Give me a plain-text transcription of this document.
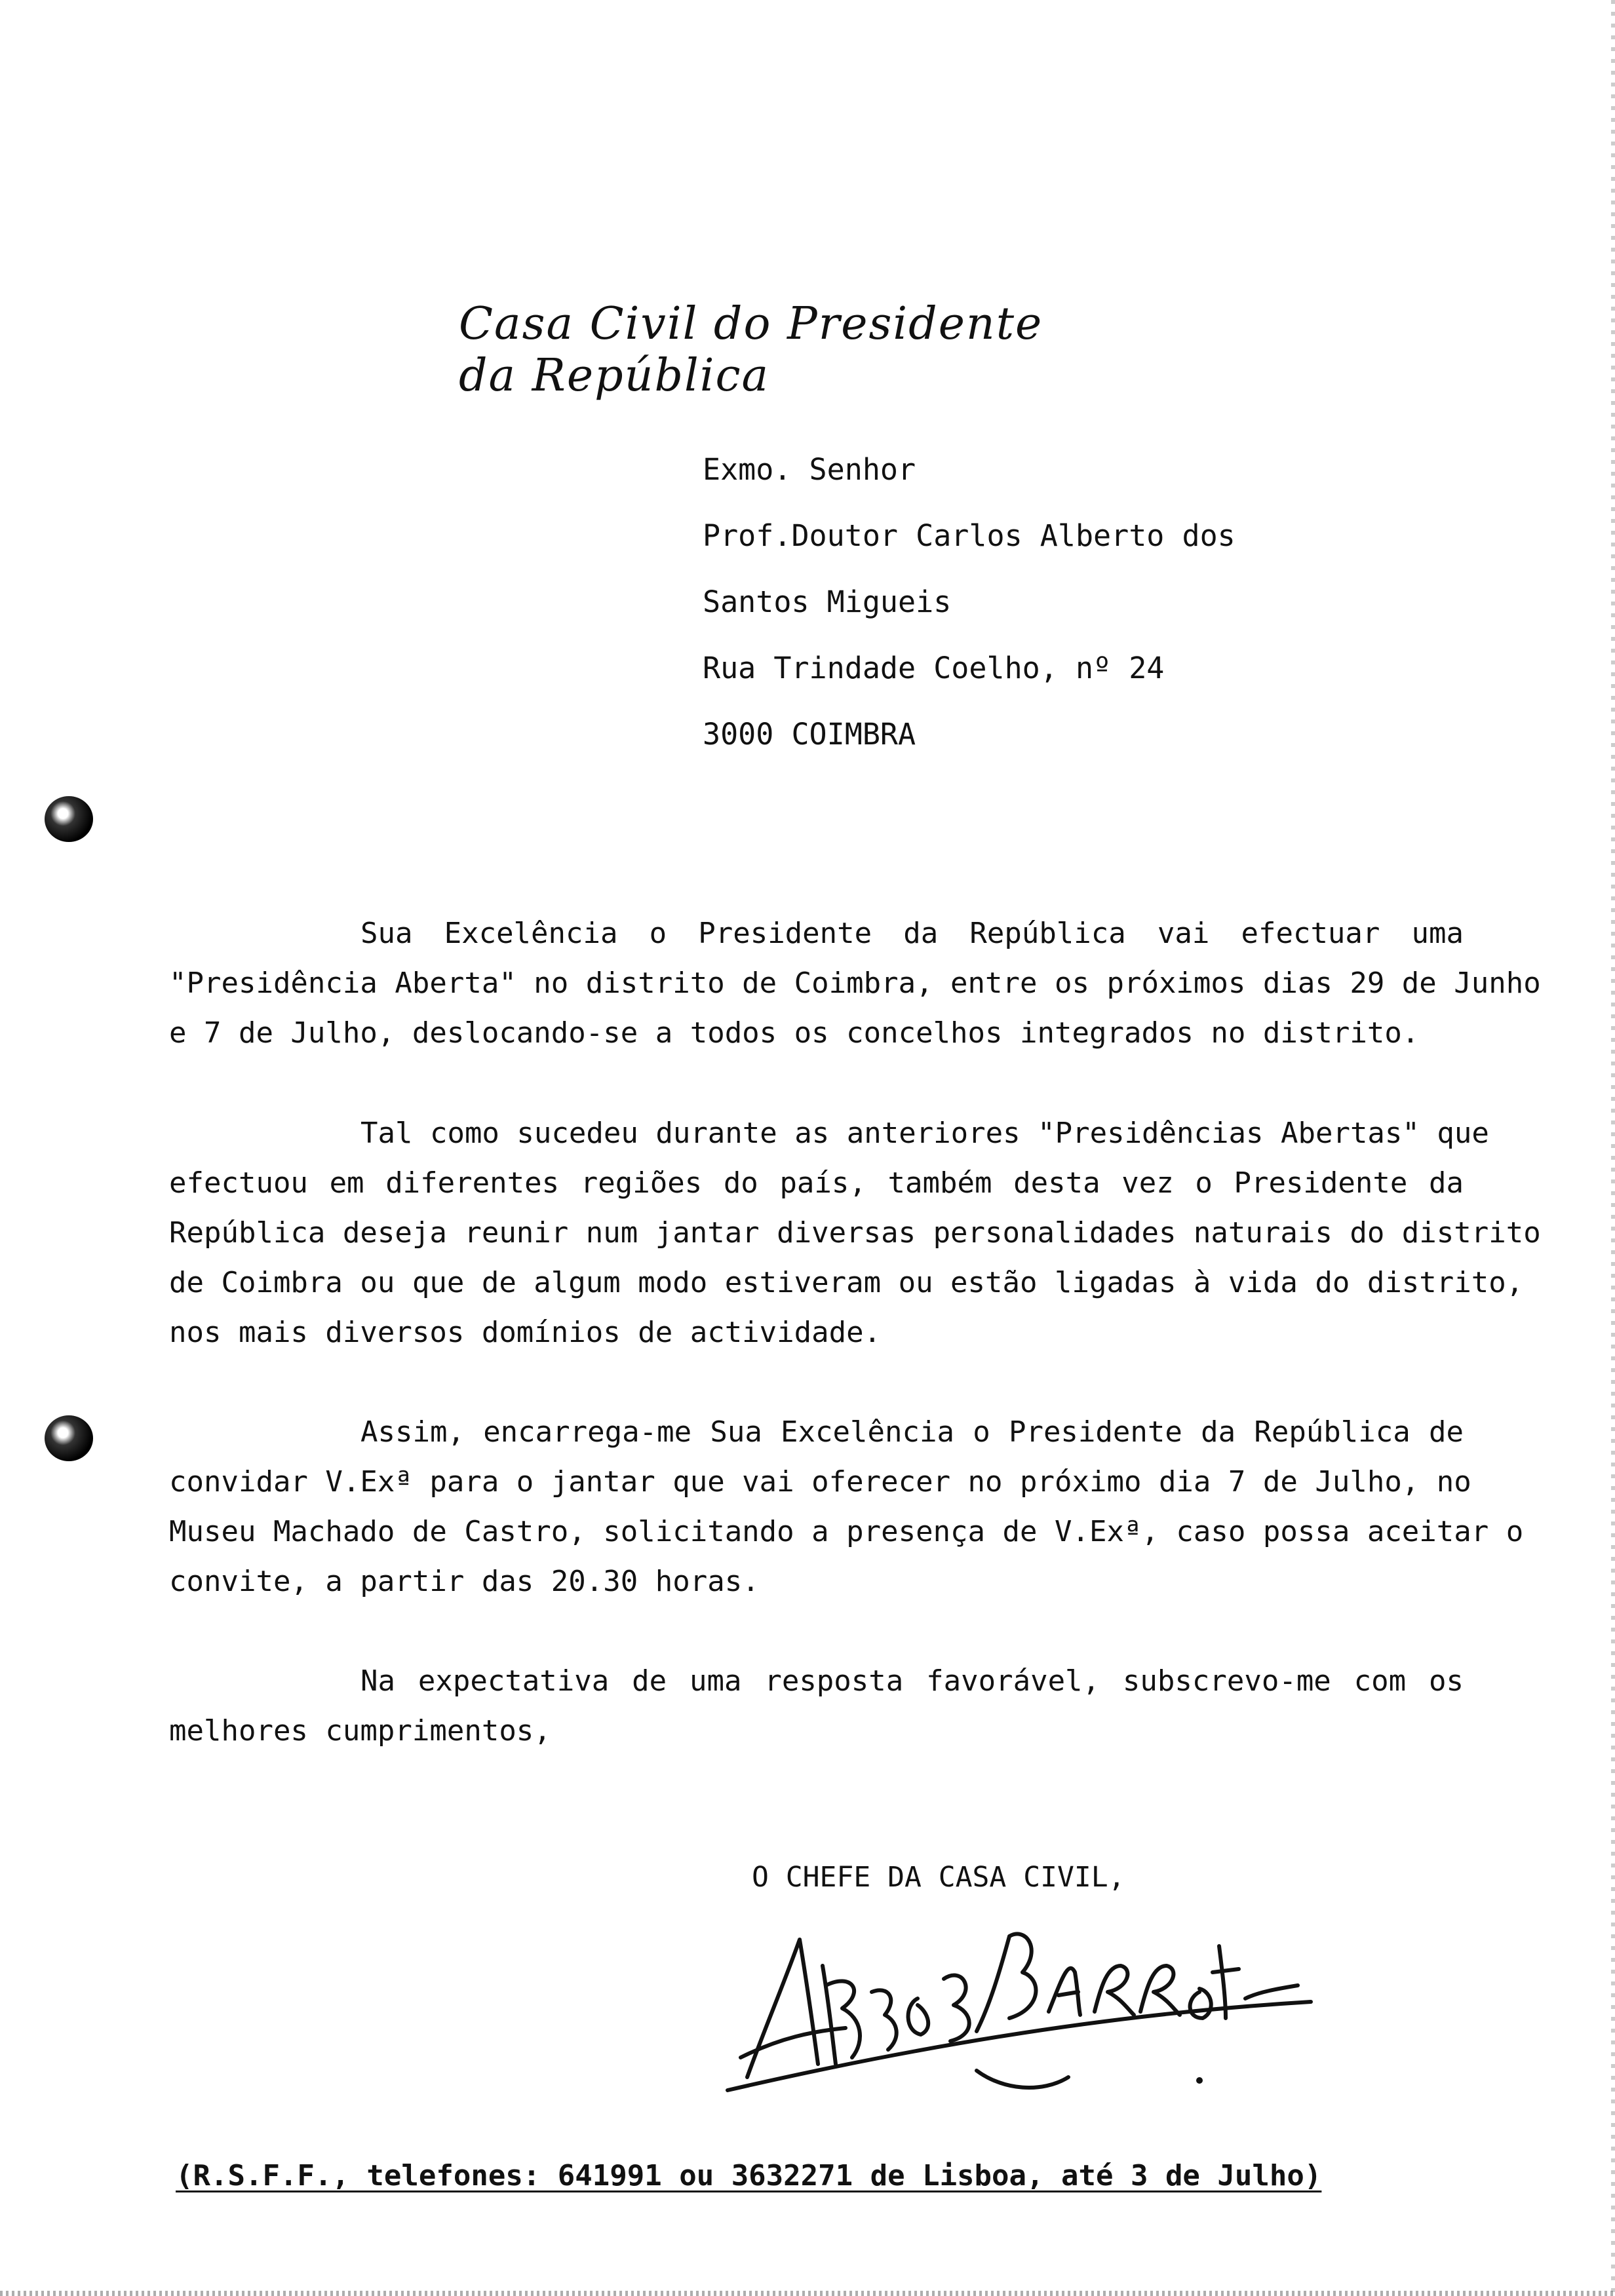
Casa Civil do Presidente da República
Exmo. Senhor
Prof.Doutor Carlos Alberto dos
Santos Migueis
Rua Trindade Coelho, nº 24
3000 COIMBRA
Sua Excelência o Presidente da República vai efectuar uma
"Presidência Aberta" no distrito de Coimbra, entre os próximos dias 29 de Junho
e 7 de Julho, deslocando-se a todos os concelhos integrados no distrito.
Tal como sucedeu durante as anteriores "Presidências Abertas" que
efectuou em diferentes regiões do país, também desta vez o Presidente da
República deseja reunir num jantar diversas personalidades naturais do distrito
de Coimbra ou que de algum modo estiveram ou estão ligadas à vida do distrito,
nos mais diversos domínios de actividade.
Assim, encarrega-me Sua Excelência o Presidente da República de
convidar V.Exª para o jantar que vai oferecer no próximo dia 7 de Julho, no
Museu Machado de Castro, solicitando a presença de V.Exª, caso possa aceitar o
convite, a partir das 20.30 horas.
Na expectativa de uma resposta favorável, subscrevo-me com os
melhores cumprimentos,
O CHEFE DA CASA CIVIL,
(R.S.F.F., telefones: 641991 ou 3632271 de Lisboa, até 3 de Julho)
